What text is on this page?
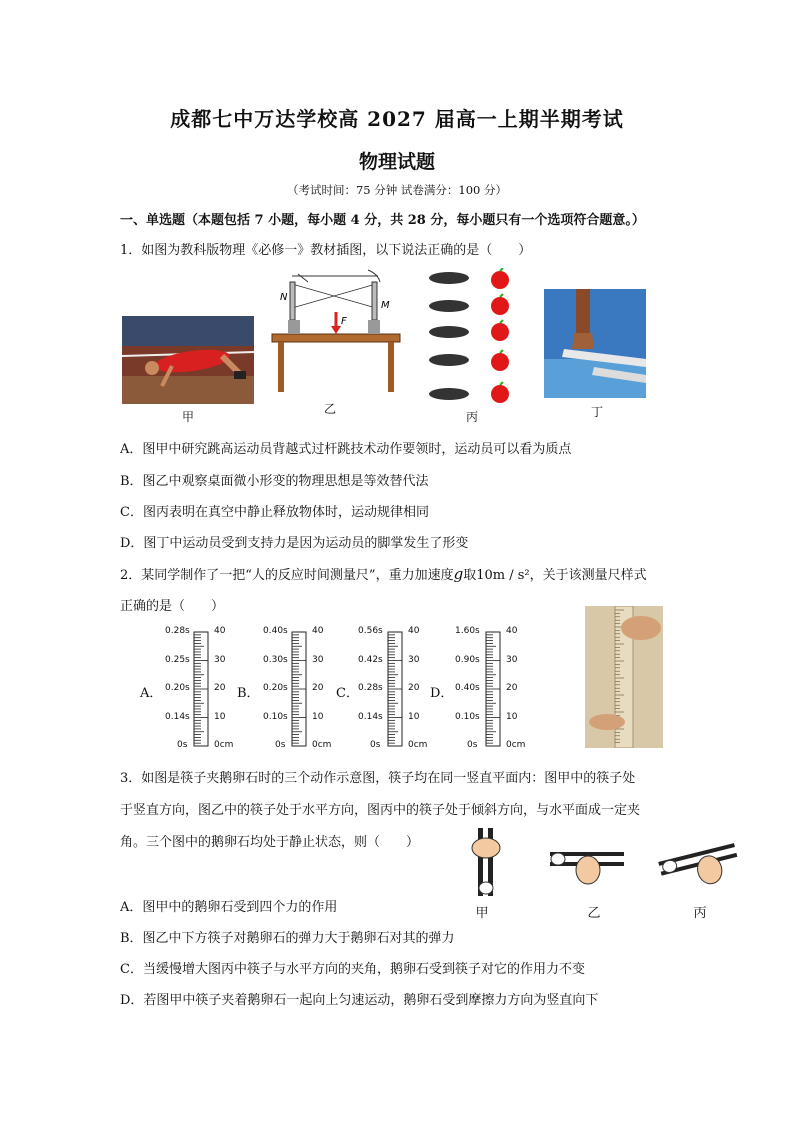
成都七中万达学校高 2027 届高一上期半期考试
物理试题
（考试时间：75 分钟 试卷满分：100 分）
一、单选题（本题包括 7 小题，每小题 4 分，共 28 分，每小题只有一个选项符合题意。）
1．如图为教科版物理《必修一》教材插图，以下说法正确的是（　　）
甲
N
M
F
乙
丙	丁
A．图甲中研究跳高运动员背越式过杆跳技术动作要领时，运动员可以看为质点
B．图乙中观察桌面微小形变的物理思想是等效替代法
C．图丙表明在真空中静止释放物体时，运动规律相同
D．图丁中运动员受到支持力是因为运动员的脚掌发生了形变
2．某同学制作了一把“人的反应时间测量尺”，重力加速度g取10m / s²，关于该测量尺样式
正确的是（　　）
A．
0.28s	40
0.25s	30
0.20s	20
0.14s	10
0s	0cm
B．
0.40s	40
0.30s	30
0.20s	20
0.10s	10
0s	0cm
C．
0.56s	40
0.42s	30
0.28s	20
0.14s	10
0s	0cm
D．
1.60s	40
0.90s	30
0.40s	20
0.10s	10
0s	0cm
3．如图是筷子夹鹅卵石时的三个动作示意图，筷子均在同一竖直平面内：图甲中的筷子处
于竖直方向，图乙中的筷子处于水平方向，图丙中的筷子处于倾斜方向，与水平面成一定夹
角。三个图中的鹅卵石均处于静止状态，则（　　）
甲	乙	丙
A．图甲中的鹅卵石受到四个力的作用
B．图乙中下方筷子对鹅卵石的弹力大于鹅卵石对其的弹力
C．当缓慢增大图丙中筷子与水平方向的夹角，鹅卵石受到筷子对它的作用力不变
D．若图甲中筷子夹着鹅卵石一起向上匀速运动，鹅卵石受到摩擦力方向为竖直向下
